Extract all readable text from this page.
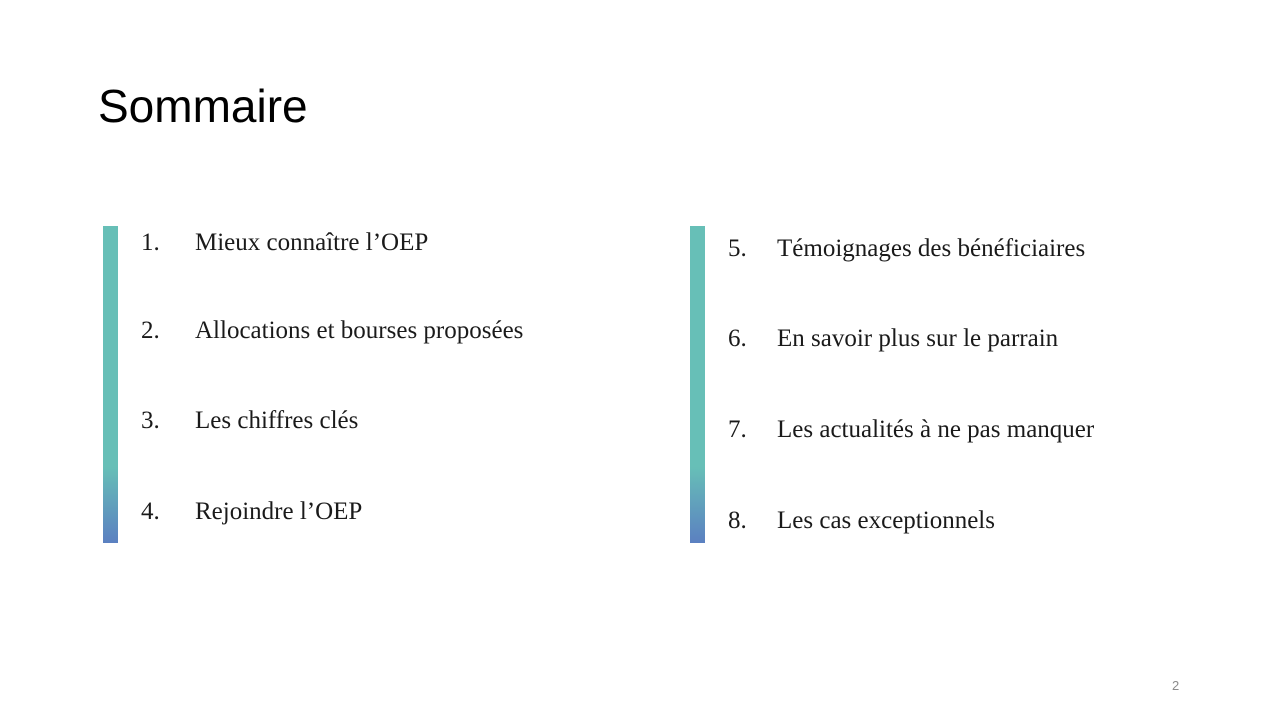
Sommaire
1. Mieux connaître l’OEP
2. Allocations et bourses proposées
3. Les chiffres clés
4. Rejoindre l’OEP
5. Témoignages des bénéficiaires
6. En savoir plus sur le parrain
7. Les actualités à ne pas manquer
8. Les cas exceptionnels
2
